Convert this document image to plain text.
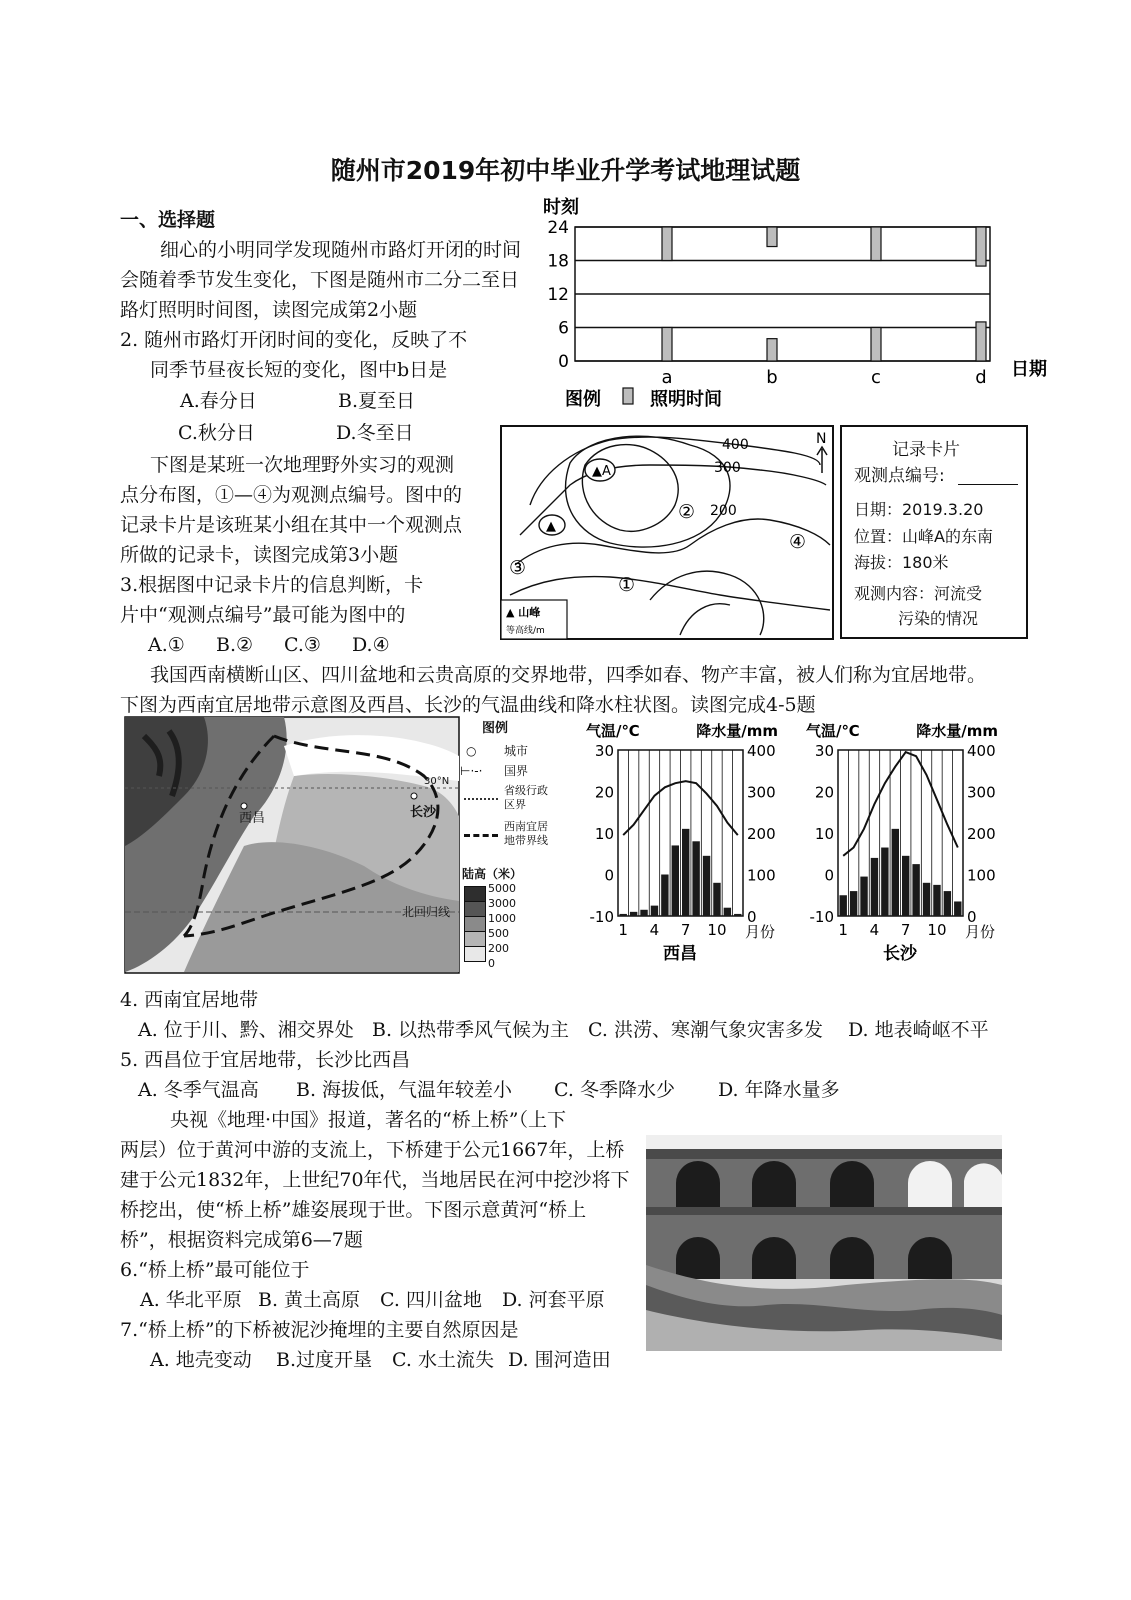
随州市2019年初中毕业升学考试地理试题
一、选择题
细心的小明同学发现随州市路灯开闭的时间
会随着季节发生变化，下图是随州市二分二至日
路灯照明时间图，读图完成第2小题
2. 随州市路灯开闭时间的变化，反映了不
同季节昼夜长短的变化，图中b日是
A.春分日	B.夏至日
C.秋分日	D.冬至日
下图是某班一次地理野外实习的观测
点分布图，①—④为观测点编号。图中的
记录卡片是该班某小组在其中一个观测点
所做的记录卡，读图完成第3小题
3.根据图中记录卡片的信息判断，卡
片中“观测点编号”最可能为图中的
A.① B.② C.③ D.④
我国西南横断山区、四川盆地和云贵高原的交界地带，四季如春、物产丰富，被人们称为宜居地带。
下图为西南宜居地带示意图及西昌、长沙的气温曲线和降水柱状图。读图完成4-5题
时刻
24
18
12
6
0
a	b	c	d 日期
图例	照明时间
▲A
▲
400
300
200
N
①
②
③
④
▲ 山峰
等高线/m
记录卡片
观测点编号:
日期：2019.3.20
位置：山峰A的东南
海拔：180米
观测内容：河流受
污染的情况
30°N
西昌	长沙
北回归线
图例
○ 城市
⊢·-· 国界
省级行政区界
西南宜居地带界线
陆高（米）
5000
3000
1000
500
200
0
气温/℃	降水量/mm
30	400
20	300
10	200
0	100
-10	0
1 4 7 10 月份
西昌
气温/℃	降水量/mm
30	400
20	300
10	200
0	100
-10	0
1 4 7 10 月份
长沙
4. 西南宜居地带
A. 位于川、黔、湘交界处 B. 以热带季风气候为主 C. 洪涝、寒潮气象灾害多发 D. 地表崎岖不平
5. 西昌位于宜居地带，长沙比西昌
A. 冬季气温高 B. 海拔低，气温年较差小 C. 冬季降水少 D. 年降水量多
央视《地理·中国》报道，著名的“桥上桥”（上下
两层）位于黄河中游的支流上，下桥建于公元1667年，上桥
建于公元1832年，上世纪70年代，当地居民在河中挖沙将下
桥挖出，使“桥上桥”雄姿展现于世。下图示意黄河“桥上
桥”，根据资料完成第6—7题
6.“桥上桥”最可能位于
A. 华北平原 B. 黄土高原 C. 四川盆地 D. 河套平原
7.“桥上桥”的下桥被泥沙掩埋的主要自然原因是
A. 地壳变动 B.过度开垦 C. 水土流失 D. 围河造田
